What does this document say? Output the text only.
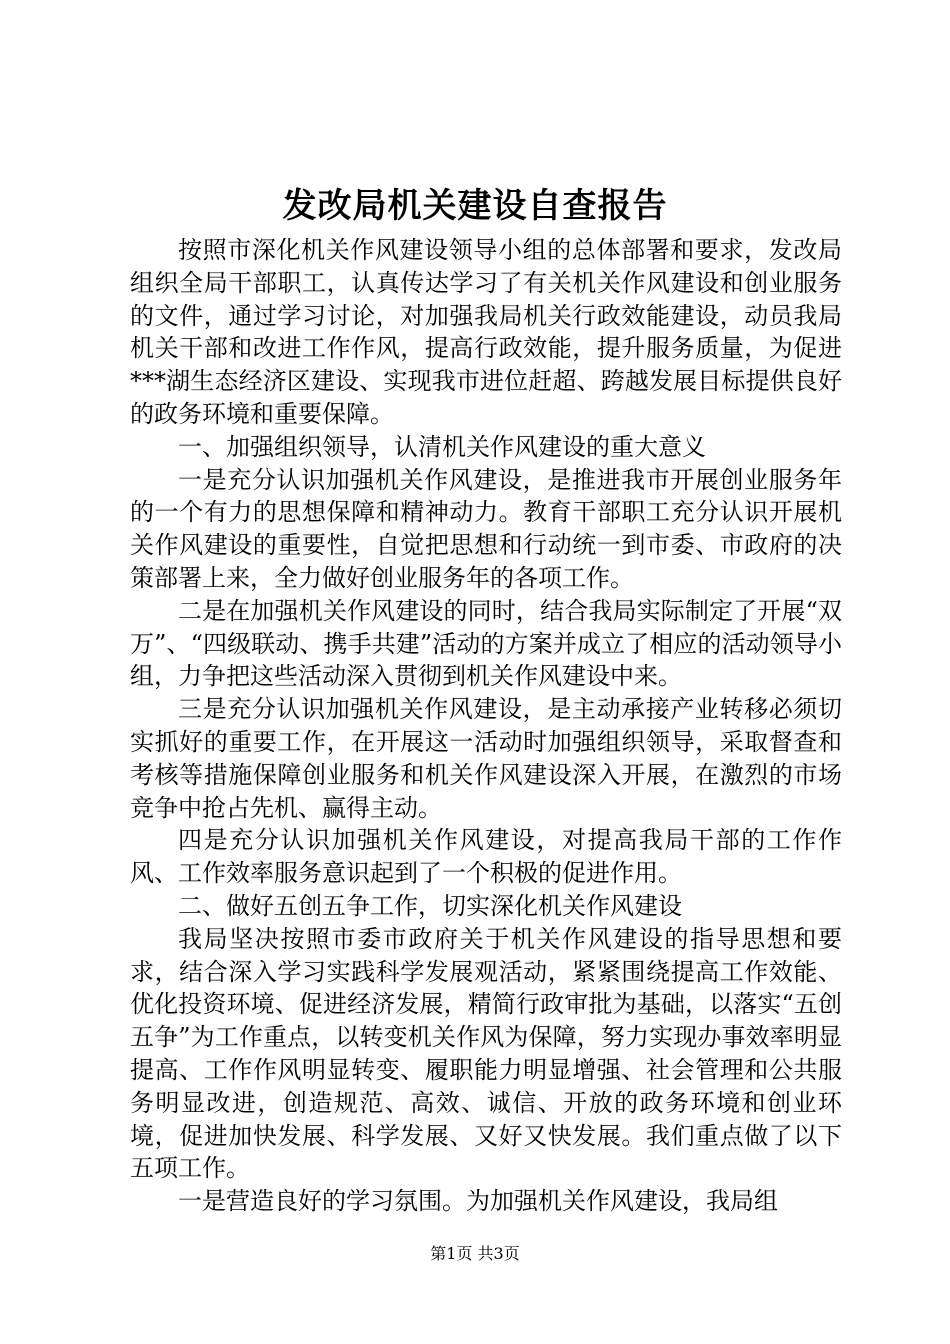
发改局机关建设自查报告

按照市深化机关作风建设领导小组的总体部署和要求，发改局组织全局干部职工，认真传达学习了有关机关作风建设和创业服务的文件，通过学习讨论，对加强我局机关行政效能建设，动员我局机关干部和改进工作作风，提高行政效能，提升服务质量，为促进***湖生态经济区建设、实现我市进位赶超、跨越发展目标提供良好的政务环境和重要保障。

一、加强组织领导，认清机关作风建设的重大意义

一是充分认识加强机关作风建设，是推进我市开展创业服务年的一个有力的思想保障和精神动力。教育干部职工充分认识开展机关作风建设的重要性，自觉把思想和行动统一到市委、市政府的决策部署上来，全力做好创业服务年的各项工作。

二是在加强机关作风建设的同时，结合我局实际制定了开展“双万”、“四级联动、携手共建”活动的方案并成立了相应的活动领导小组，力争把这些活动深入贯彻到机关作风建设中来。

三是充分认识加强机关作风建设，是主动承接产业转移必须切实抓好的重要工作，在开展这一活动时加强组织领导，采取督查和考核等措施保障创业服务和机关作风建设深入开展，在激烈的市场竞争中抢占先机、赢得主动。

四是充分认识加强机关作风建设，对提高我局干部的工作作风、工作效率服务意识起到了一个积极的促进作用。

二、做好五创五争工作，切实深化机关作风建设

我局坚决按照市委市政府关于机关作风建设的指导思想和要求，结合深入学习实践科学发展观活动，紧紧围绕提高工作效能、优化投资环境、促进经济发展，精简行政审批为基础，以落实“五创五争”为工作重点，以转变机关作风为保障，努力实现办事效率明显提高、工作作风明显转变、履职能力明显增强、社会管理和公共服务明显改进，创造规范、高效、诚信、开放的政务环境和创业环境，促进加快发展、科学发展、又好又快发展。我们重点做了以下五项工作。

一是营造良好的学习氛围。为加强机关作风建设，我局组

第1页 共3页
